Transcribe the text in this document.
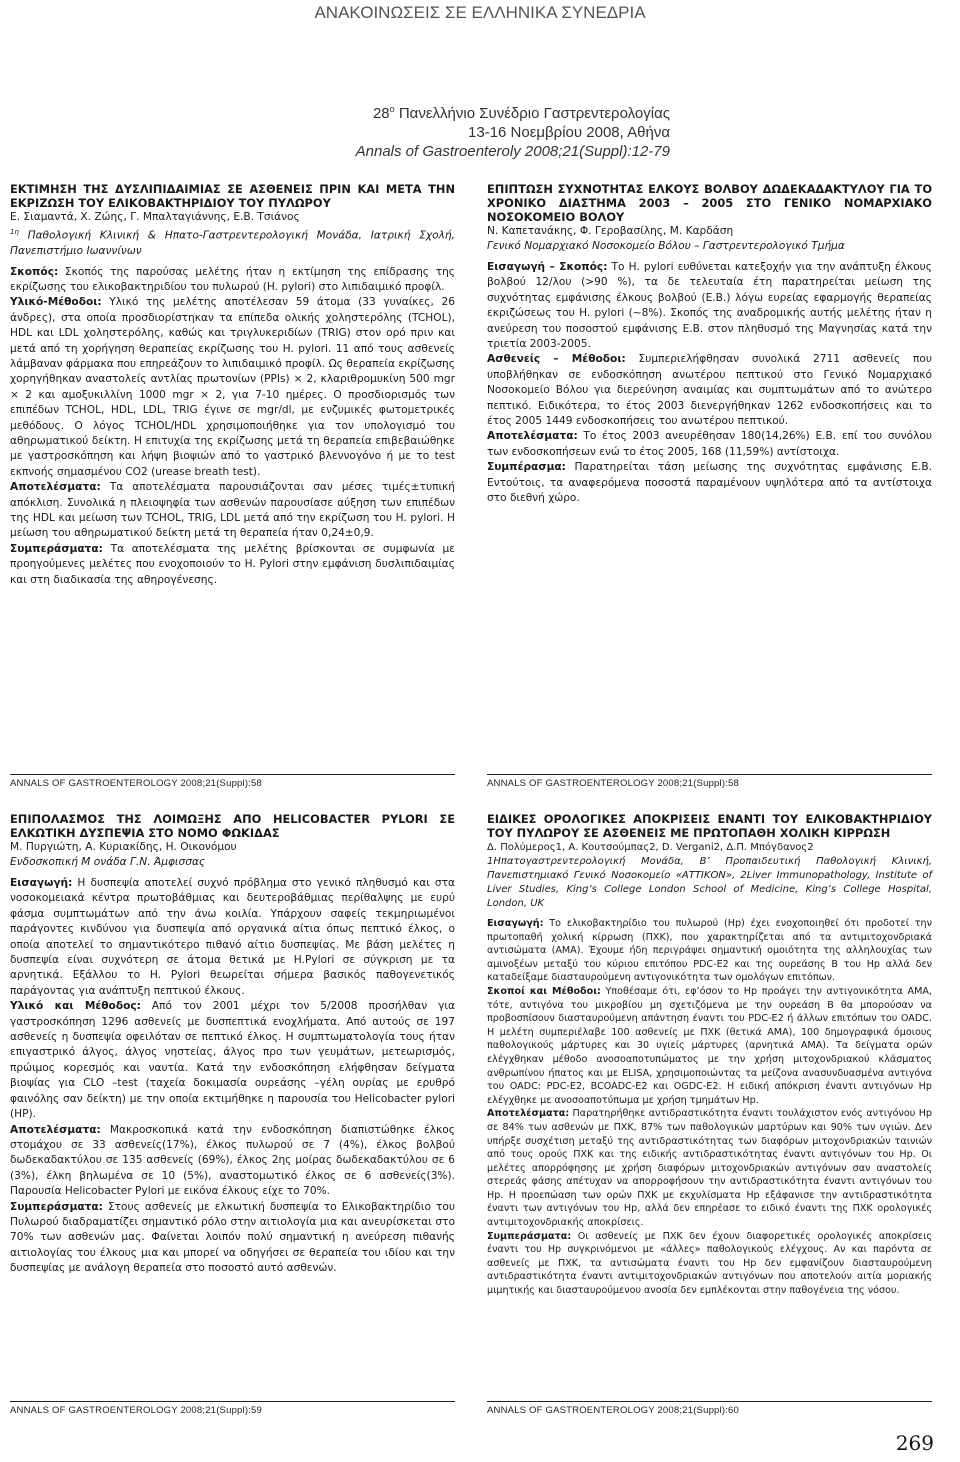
ΑΝΑΚΟΙΝΩΣΕΙΣ ΣΕ ΕΛΛΗΝΙΚΑ ΣΥΝΕΔΡΙΑ
$28^o$ Πανελλήνιο Συνέδριο Γαστρεντερολογίας
13-16 Νοεμβρίου 2008, Αθήνα
Annals of Gastroenteroly 2008;21(Suppl):12-79

ΕΚΤΙΜΗΣΗ ΤΗΣ ΔΥΣΛΙΠΙΔΑΙΜΙΑΣ ΣΕ ΑΣΘΕΝΕΙΣ ΠΡΙΝ ΚΑΙ ΜΕΤΑ ΤΗΝ ΕΚΡΙΖΩΣΗ ΤΟΥ ΕΛΙΚΟΒΑΚΤΗΡΙΔΙΟΥ ΤΟΥ ΠΥΛΩΡΟΥ

Ε. Σιαμαντά, Χ. Ζώης, Γ. Μπαλταγιάννης, Ε.Β. Τσιάνος

$^{1\eta}$ Παθολογική Κλινική & Ηπατο-Γαστρεντερολογική Μονάδα, Ιατρική Σχολή, Πανεπιστήμιο Ιωαννίνων

Σκοπός: Σκοπός της παρούσας μελέτης ήταν η εκτίμηση της επίδρασης της εκρίζωσης του ελικοβακτηριδίου του πυλωρού (H. pylori) στο λιπιδαιμικό προφίλ.

Υλικό-Μέθοδοι: Υλικό της μελέτης αποτέλεσαν 59 άτομα (33 γυναίκες, 26 άνδρες), στα οποία προσδιορίστηκαν τα επίπεδα ολικής χοληστερόλης (TCHOL), HDL και LDL χοληστερόλης, καθώς και τριγλυκεριδίων (TRIG) στον ορό πριν και μετά από τη χορήγηση θεραπείας εκρίζωσης του H. pylori. 11 από τους ασθενείς λάμβαναν φάρμακα που επηρεάζουν το λιπιδαιμικό προφίλ. Ως θεραπεία εκρίζωσης χορηγήθηκαν αναστολείς αντλίας πρωτονίων (PPIs) × 2, κλαριθρομυκίνη 500 mgr × 2 και αμοξυκιλλίνη 1000 mgr × 2, για 7-10 ημέρες. Ο προσδιορισμός των επιπέδων TCHOL, HDL, LDL, TRIG έγινε σε mgr/dl, με ενζυμικές φωτομετρικές μεθόδους. Ο λόγος TCHOL/HDL χρησιμοποιήθηκε για τον υπολογισμό του αθηρωματικού δείκτη. Η επιτυχία της εκρίζωσης μετά τη θεραπεία επιβεβαιώθηκε με γαστροσκόπηση και λήψη βιοψιών από το γαστρικό βλεννογόνο ή με το test εκπνοής σημασμένου CO2 (urease breath test).

Αποτελέσματα: Τα αποτελέσματα παρουσιάζονται σαν μέσες τιμές±τυπική απόκλιση. Συνολικά η πλειοψηφία των ασθενών παρουσίασε αύξηση των επιπέδων της HDL και μείωση των TCHOL, TRIG, LDL μετά από την εκρίζωση του H. pylori. Η μείωση του αθηρωματικού δείκτη μετά τη θεραπεία ήταν 0,24±0,9.

Συμπεράσματα: Τα αποτελέσματα της μελέτης βρίσκονται σε συμφωνία με προηγούμενες μελέτες που ενοχοποιούν το H. Pylori στην εμφάνιση δυσλιπιδαιμίας και στη διαδικασία της αθηρογένεσης.

ANNALS OF GASTROENTEROLOGY 2008;21(Suppl):58

ΕΠΙΠΤΩΣΗ ΣΥΧΝΟΤΗΤΑΣ ΕΛΚΟΥΣ ΒΟΛΒΟΥ ΔΩΔΕΚΑΔΑΚΤΥΛΟΥ ΓΙΑ ΤΟ ΧΡΟΝΙΚΟ ΔΙΑΣΤΗΜΑ 2003 – 2005 ΣΤΟ ΓΕΝΙΚΟ ΝΟΜΑΡΧΙΑΚΟ ΝΟΣΟΚΟΜΕΙΟ ΒΟΛΟΥ

Ν. Καπετανάκης, Φ. Γεροβασίλης, Μ. Καρδάση

Γενικό Νομαρχιακό Νοσοκομείο Βόλου – Γαστρεντερολογικό Τμήμα

Εισαγωγή – Σκοπός: Το H. pylori ευθύνεται κατεξοχήν για την ανάπτυξη έλκους βολβού 12/λου (>90 %), τα δε τελευταία έτη παρατηρείται μείωση της συχνότητας εμφάνισης έλκους βολβού (Ε.Β.) λόγω ευρείας εφαρμογής θεραπείας εκριζώσεως του H. pylori (~8%). Σκοπός της αναδρομικής αυτής μελέτης ήταν η ανεύρεση του ποσοστού εμφάνισης Ε.Β. στον πληθυσμό της Μαγνησίας κατά την τριετία 2003-2005.

Ασθενείς – Μέθοδοι: Συμπεριελήφθησαν συνολικά 2711 ασθενείς που υποβλήθηκαν σε ενδοσκόπηση ανωτέρου πεπτικού στο Γενικό Νομαρχιακό Νοσοκομείο Βόλου για διερεύνηση αναιμίας και συμπτωμάτων από το ανώτερο πεπτικό. Ειδικότερα, το έτος 2003 διενεργήθηκαν 1262 ενδοσκοπήσεις και το έτος 2005 1449 ενδοσκοπήσεις του ανωτέρου πεπτικού.

Αποτελέσματα: Το έτος 2003 ανευρέθησαν 180(14,26%) Ε.Β. επί του συνόλου των ενδοσκοπήσεων ενώ το έτος 2005, 168 (11,59%) αντίστοιχα.

Συμπέρασμα: Παρατηρείται τάση μείωσης της συχνότητας εμφάνισης Ε.Β. Εντούτοις, τα αναφερόμενα ποσοστά παραμένουν υψηλότερα από τα αντίστοιχα στο διεθνή χώρο.

ANNALS OF GASTROENTEROLOGY 2008;21(Suppl):58

ΕΠΙΠΟΛΑΣΜΟΣ ΤΗΣ ΛΟΙΜΩΞΗΣ ΑΠΟ HELICOBACTER PYLORI ΣΕ ΕΛΚΩΤΙΚΗ ΔΥΣΠΕΨΙΑ ΣΤΟ ΝΟΜΟ ΦΩΚΙΔΑΣ

Μ. Πυργιώτη, Α. Κυριακίδης, Η. Οικονόμου

Ενδοσκοπική Μ ονάδα Γ.Ν. Άμφισσας

Εισαγωγή: Η δυσπεψία αποτελεί συχνό πρόβλημα στο γενικό πληθυσμό και στα νοσοκομειακά κέντρα πρωτοβάθμιας και δευτεροβάθμιας περίθαλψης με ευρύ φάσμα συμπτωμάτων από την άνω κοιλία. Υπάρχουν σαφείς τεκμηριωμένοι παράγοντες κινδύνου για δυσπεψία από οργανικά αίτια όπως πεπτικό έλκος, ο οποία αποτελεί το σημαντικότερο πιθανό αίτιο δυσπεψίας. Με βάση μελέτες η δυσπεψία είναι συχνότερη σε άτομα θετικά με H.Pylori σε σύγκριση με τα αρνητικά. Εξάλλου το H. Pylori θεωρείται σήμερα βασικός παθογενετικός παράγοντας για ανάπτυξη πεπτικού έλκους.

Υλικό και Μέθοδος: Από τον 2001 μέχρι τον 5/2008 προσήλθαν για γαστροσκόπηση 1296 ασθενείς με δυσπεπτικά ενοχλήματα. Από αυτούς σε 197 ασθενείς η δυσπεψία οφειλόταν σε πεπτικό έλκος. Η συμπτωματολογία τους ήταν επιγαστρικό άλγος, άλγος νηστείας, άλγος προ των γευμάτων, μετεωρισμός, πρώιμος κορεσμός και ναυτία. Κατά την ενδοσκόπηση ελήφθησαν δείγματα βιοψίας για CLO –test (ταχεία δοκιμασία ουρεάσης –γέλη ουρίας με ερυθρό φαινόλης σαν δείκτη) με την οποία εκτιμήθηκε η παρουσία του Helicobacter pylori (HP).

Αποτελέσματα: Μακροσκοπικά κατά την ενδοσκόπηση διαπιστώθηκε έλκος στομάχου σε 33 ασθενείς(17%), έλκος πυλωρού σε 7 (4%), έλκος βολβού δωδεκαδακτύλου σε 135 ασθενείς (69%), έλκος 2ης μοίρας δωδεκαδακτύλου σε 6 (3%), έλκη βηλωμένα σε 10 (5%), αναστομωτικό έλκος σε 6 ασθενείς(3%). Παρουσία Helicobacter Pylori με εικόνα έλκους είχε το 70%.

Συμπεράσματα: Στους ασθενείς με ελκωτική δυσπεψία το Ελικοβακτηρίδιο του Πυλωρού διαδραματίζει σημαντικό ρόλο στην αιτιολογία μια και ανευρίσκεται στο 70% των ασθενών μας. Φαίνεται λοιπόν πολύ σημαντική η ανεύρεση πιθανής αιτιολογίας του έλκους μια και μπορεί να οδηγήσει σε θεραπεία του ιδίου και την δυσπεψίας με ανάλογη θεραπεία στο ποσοστό αυτό ασθενών.

ANNALS OF GASTROENTEROLOGY 2008;21(Suppl):59

ΕΙΔΙΚΕΣ ΟΡΟΛΟΓΙΚΕΣ ΑΠΟΚΡΙΣΕΙΣ ΕΝΑΝΤΙ ΤΟΥ ΕΛΙΚΟΒΑΚΤΗΡΙΔΙΟΥ ΤΟΥ ΠΥΛΩΡΟΥ ΣΕ ΑΣΘΕΝΕΙΣ ΜΕ ΠΡΩΤΟΠΑΘΗ ΧΟΛΙΚΗ ΚΙΡΡΩΣΗ

Δ. Πολύμερος1, Α. Κουτσούμπας2, D. Vergani2, Δ.Π. Μπόγδανος2

1Ηπατογαστρεντερολογική Μονάδα, Β’ Προπαιδευτική Παθολογική Κλινική, Πανεπιστημιακό Γενικό Νοσοκομείο «ΑΤΤΙΚΟΝ», 2Liver Immunopathology, Institute of Liver Studies, King’s College London School of Medicine, King’s College Hospital, London, UK

Εισαγωγή: Το ελικοβακτηρίδιο του πυλωρού (Hp) έχει ενοχοποιηθεί ότι προδοτεί την πρωτοπαθή χολική κίρρωση (ΠΧΚ), που χαρακτηρίζεται από τα αντιμιτοχονδριακά αντισώματα (AMA). Έχουμε ήδη περιγράψει σημαντική ομοιότητα της αλληλουχίας των αμινοξέων μεταξύ του κύριου επιτόπου PDC-E2 και της ουρεάσης B του Hp αλλά δεν καταδείξαμε διασταυρούμενη αντιγονικότητα των ομολόγων επιτόπων.

Σκοποί και Μέθοδοι: Υποθέσαμε ότι, εφ’όσον το Hp προάγει την αντιγονικότητα AMA, τότε, αντιγόνα του μικροβίου μη σχετιζόμενα με την ουρεάση B θα μπορούσαν να προβοσπίσουν διασταυρούμενη απάντηση έναντι του PDC-E2 ή άλλων επιτόπων του OADC. Η μελέτη συμπεριέλαβε 100 ασθενείς με ΠΧΚ (θετικά AMA), 100 δημογραφικά όμοιους παθολογικούς μάρτυρες και 30 υγιείς μάρτυρες (αρνητικά AMA). Τα δείγματα ορών ελέγχθηκαν μέθοδο ανοσοαποτυπώματος με την χρήση μιτοχονδριακού κλάσματος ανθρωπίνου ήπατος και με ELISA, χρησιμοποιώντας τα μείζονα ανασυνδυασμένα αντιγόνα του OADC: PDC-E2, BCOADC-E2 και OGDC-E2. Η ειδική απόκριση έναντι αντιγόνων Hp ελέγχθηκε με ανοσοαποτύπωμα με χρήση τμημάτων Hp.

Αποτελέσματα: Παρατηρήθηκε αντιδραστικότητα έναντι τουλάχιστον ενός αντιγόνου Hp σε 84% των ασθενών με ΠΧΚ, 87% των παθολογικών μαρτύρων και 90% των υγιών. Δεν υπήρξε συσχέτιση μεταξύ της αντιδραστικότητας των διαφόρων μιτοχονδριακών ταινιών από τους ορούς ΠΧΚ και της ειδικής αντιδραστικότητας έναντι αντιγόνων του Hp. Οι μελέτες απορρόφησης με χρήση διαφόρων μιτοχονδριακών αντιγόνων σαν αναστολείς στερεάς φάσης απέτυχαν να απορροφήσουν την αντιδραστικότητα έναντι αντιγόνων του Hp. Η προεπώαση των ορών ΠΧΚ με εκχυλίσματα Hp εξάφανισε την αντιδραστικότητα έναντι των αντιγόνων του Hp, αλλά δεν επηρέασε το ειδικό έναντι της ΠΧΚ ορολογικές αντιμιτοχονδριακής αποκρίσεις.

Συμπεράσματα: Οι ασθενείς με ΠΧΚ δεν έχουν διαφορετικές ορολογικές αποκρίσεις έναντι του Hp συγκρινόμενοι με «άλλες» παθολογικούς ελέγχους. Αν και παρόντα σε ασθενείς με ΠΧΚ, τα αντισώματα έναντι του Hp δεν εμφανίζουν διασταυρούμενη αντιδραστικότητα έναντι αντιμιτοχονδριακών αντιγόνων που αποτελούν αιτία μοριακής μιμητικής και διασταυρούμενου ανοσία δεν εμπλέκονται στην παθογένεια της νόσου.

ANNALS OF GASTROENTEROLOGY 2008;21(Suppl):60
269
